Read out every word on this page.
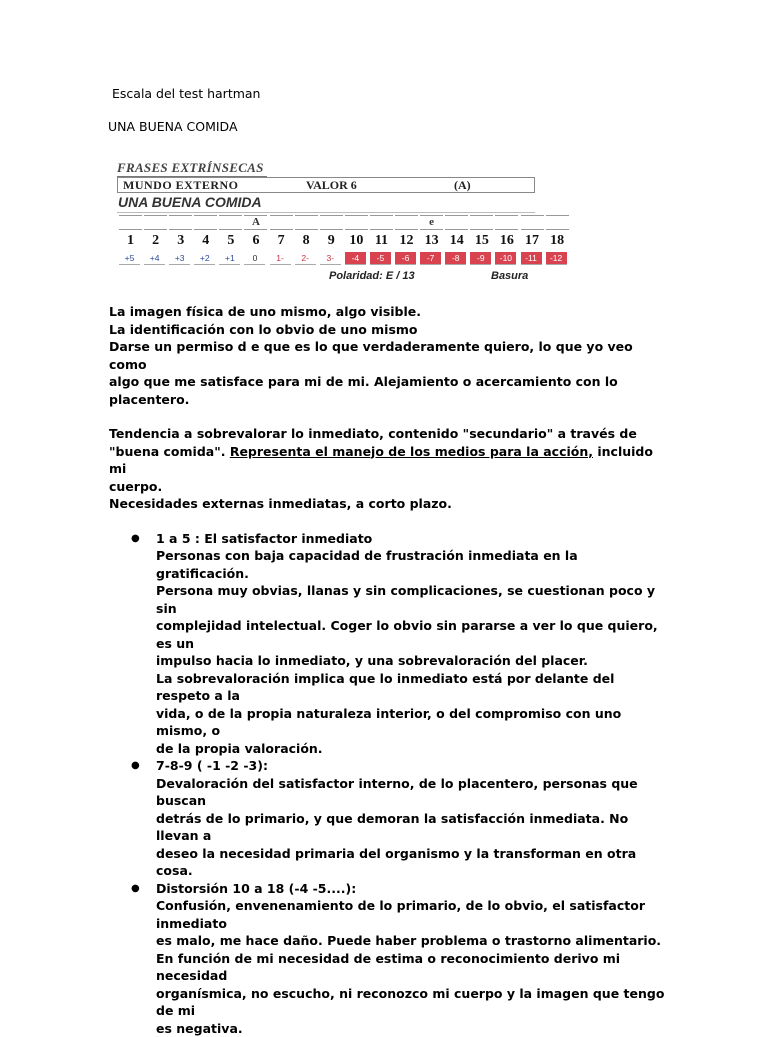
Escala del test hartman
UNA BUENA COMIDA
FRASES EXTRÍNSECAS
MUNDO EXTERNO	VALOR 6	(A)
UNA BUENA COMIDA
A	e
1	2	3	4	5	6	7	8	9	10 11 12 13 14 15 16 17 18
+5	+4	+3	+2	+1	0	1-	2-	3-	-4	-5	-6	-7	-8	-9	-10	-11	-12
Polaridad: E / 13	Basura

La imagen física de uno mismo, algo visible.

La identificación con lo obvio de uno mismo

Darse un permiso d e que es lo que verdaderamente quiero, lo que yo veo como

algo que me satisface para mi de mi. Alejamiento o acercamiento con lo placentero.

Tendencia a sobrevalorar lo inmediato, contenido "secundario" a través de

"buena comida". Representa el manejo de los medios para la acción, incluido mi

cuerpo.

Necesidades externas inmediatas, a corto plazo.

● 1 a 5 : El satisfactor inmediato
Personas con baja capacidad de frustración inmediata en la gratificación.
Persona muy obvias, llanas y sin complicaciones, se cuestionan poco y sin
complejidad intelectual. Coger lo obvio sin pararse a ver lo que quiero, es un
impulso hacia lo inmediato, y una sobrevaloración del placer.
La sobrevaloración implica que lo inmediato está por delante del respeto a la
vida, o de la propia naturaleza interior, o del compromiso con uno mismo, o
de la propia valoración.
● 7-8-9 ( -1 -2 -3):
Devaloración del satisfactor interno, de lo placentero, personas que buscan
detrás de lo primario, y que demoran la satisfacción inmediata. No llevan a
deseo la necesidad primaria del organismo y la transforman en otra cosa.
● Distorsión 10 a 18 (-4 -5....):
Confusión, envenenamiento de lo primario, de lo obvio, el satisfactor
inmediato
es malo, me hace daño. Puede haber problema o trastorno alimentario.
En función de mi necesidad de estima o reconocimiento derivo mi necesidad
organísmica, no escucho, ni reconozco mi cuerpo y la imagen que tengo de mi
es negativa.
